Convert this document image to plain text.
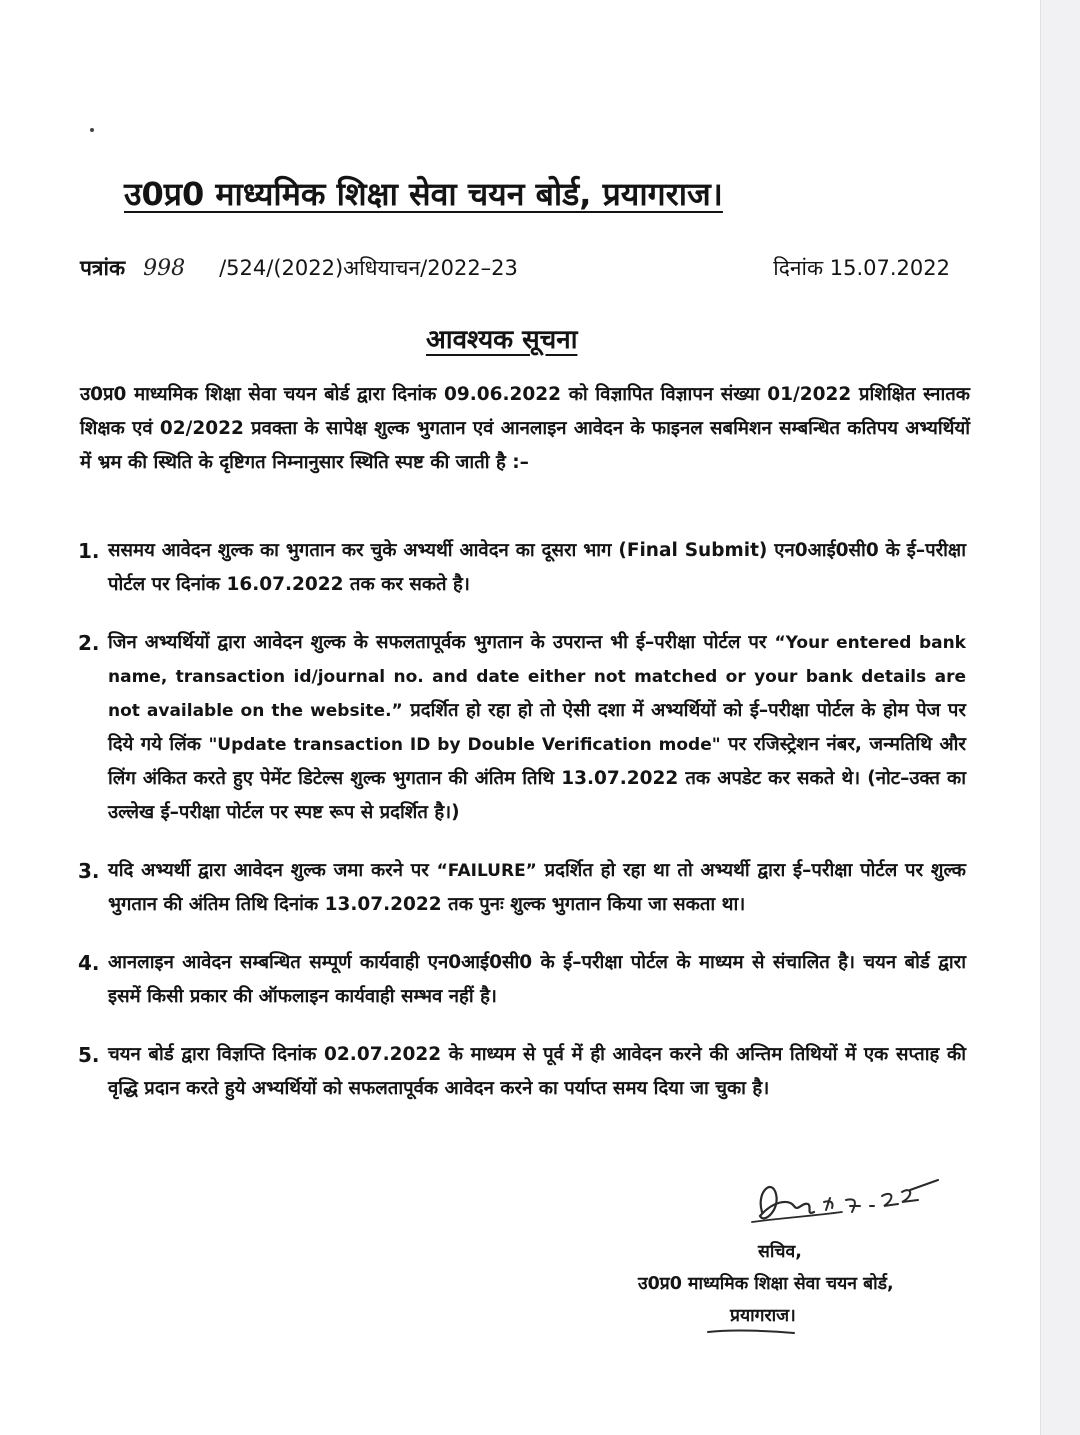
उ0प्र0 माध्यमिक शिक्षा सेवा चयन बोर्ड, प्रयागराज।
पत्रांक 998 /524/(2022)अधियाचन/2022–23	दिनांक 15.07.2022
आवश्यक सूचना
उ0प्र0 माध्यमिक शिक्षा सेवा चयन बोर्ड द्वारा दिनांक 09.06.2022 को विज्ञापित विज्ञापन संख्या 01/2022 प्रशिक्षित स्नातक शिक्षक एवं 02/2022 प्रवक्ता के सापेक्ष शुल्क भुगतान एवं आनलाइन आवेदन के फाइनल सबमिशन सम्बन्धित कतिपय अभ्यर्थियों में भ्रम की स्थिति के दृष्टिगत निम्नानुसार स्थिति स्पष्ट की जाती है :–
1. ससमय आवेदन शुल्क का भुगतान कर चुके अभ्यर्थी आवेदन का दूसरा भाग (Final Submit) एन0आई0सी0 के ई–परीक्षा पोर्टल पर दिनांक 16.07.2022 तक कर सकते है।
2. जिन अभ्यर्थियों द्वारा आवेदन शुल्क के सफलतापूर्वक भुगतान के उपरान्त भी ई–परीक्षा पोर्टल पर “Your entered bank name, transaction id/journal no. and date either not matched or your bank details are not available on the website.” प्रदर्शित हो रहा हो तो ऐसी दशा में अभ्यर्थियों को ई–परीक्षा पोर्टल के होम पेज पर दिये गये लिंक "Update transaction ID by Double Verification mode" पर रजिस्ट्रेशन नंबर, जन्मतिथि और लिंग अंकित करते हुए पेमेंट डिटेल्स शुल्क भुगतान की अंतिम तिथि 13.07.2022 तक अपडेट कर सकते थे। (नोट–उक्त का उल्लेख ई–परीक्षा पोर्टल पर स्पष्ट रूप से प्रदर्शित है।)
3. यदि अभ्यर्थी द्वारा आवेदन शुल्क जमा करने पर “FAILURE” प्रदर्शित हो रहा था तो अभ्यर्थी द्वारा ई–परीक्षा पोर्टल पर शुल्क भुगतान की अंतिम तिथि दिनांक 13.07.2022 तक पुनः शुल्क भुगतान किया जा सकता था।
4. आनलाइन आवेदन सम्बन्धित सम्पूर्ण कार्यवाही एन0आई0सी0 के ई–परीक्षा पोर्टल के माध्यम से संचालित है। चयन बोर्ड द्वारा इसमें किसी प्रकार की ऑफलाइन कार्यवाही सम्भव नहीं है।
5. चयन बोर्ड द्वारा विज्ञप्ति दिनांक 02.07.2022 के माध्यम से पूर्व में ही आवेदन करने की अन्तिम तिथियों में एक सप्ताह की वृद्धि प्रदान करते हुये अभ्यर्थियों को सफलतापूर्वक आवेदन करने का पर्याप्त समय दिया जा चुका है।
सचिव,
उ0प्र0 माध्यमिक शिक्षा सेवा चयन बोर्ड,
प्रयागराज।
